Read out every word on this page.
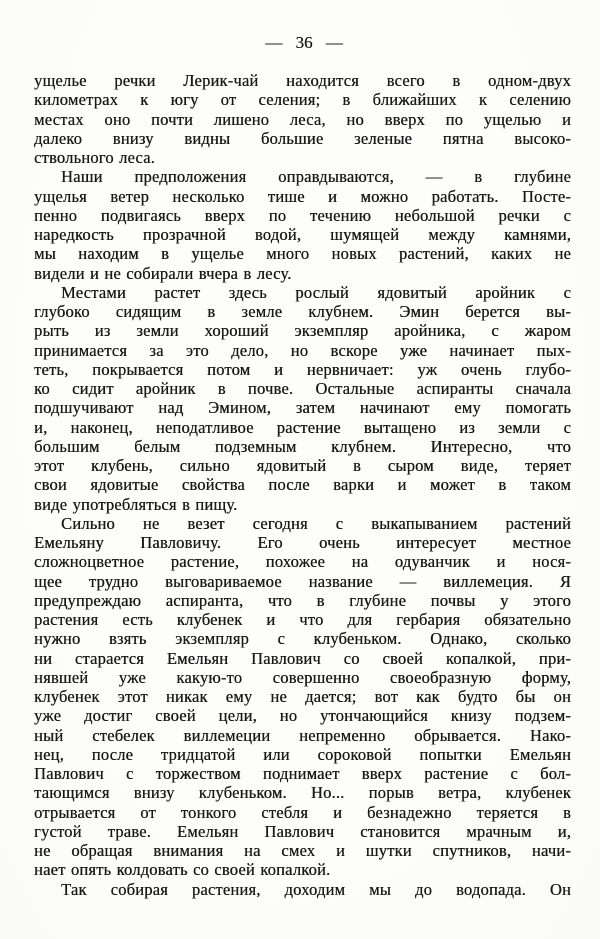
— 36 —
ущелье речки Лерик-чай находится всего в одном-двух
километрах к югу от селения; в ближайших к селению
местах оно почти лишено леса, но вверх по ущелью и
далеко внизу видны большие зеленые пятна высоко-
ствольного леса.
Наши предположения оправдываются, — в глубине
ущелья ветер несколько тише и можно работать. Посте-
пенно подвигаясь вверх по течению небольшой речки с
наредкость прозрачной водой, шумящей между камнями,
мы находим в ущелье много новых растений, каких не
видели и не собирали вчера в лесу.
Местами растет здесь рослый ядовитый аройник с
глубоко сидящим в земле клубнем. Эмин берется вы-
рыть из земли хороший экземпляр аройника, с жаром
принимается за это дело, но вскоре уже начинает пых-
теть, покрывается потом и нервничает: уж очень глубо-
ко сидит аройник в почве. Остальные аспиранты сначала
подшучивают над Эмином, затем начинают ему помогать
и, наконец, неподатливое растение вытащено из земли с
большим белым подземным клубнем. Интересно, что
этот клубень, сильно ядовитый в сыром виде, теряет
свои ядовитые свойства после варки и может в таком
виде употребляться в пищу.
Сильно не везет сегодня с выкапыванием растений
Емельяну Павловичу. Его очень интересует местное
сложноцветное растение, похожее на одуванчик и нося-
щее трудно выговариваемое название — виллемеция. Я
предупреждаю аспиранта, что в глубине почвы у этого
растения есть клубенек и что для гербария обязательно
нужно взять экземпляр с клубеньком. Однако, сколько
ни старается Емельян Павлович со своей копалкой, при-
нявшей уже какую-то совершенно своеобразную форму,
клубенек этот никак ему не дается; вот как будто бы он
уже достиг своей цели, но утончающийся книзу подзем-
ный стебелек виллемеции непременно обрывается. Нако-
нец, после тридцатой или сороковой попытки Емельян
Павлович с торжеством поднимает вверх растение с бол-
тающимся внизу клубеньком. Но... порыв ветра, клубенек
отрывается от тонкого стебля и безнадежно теряется в
густой траве. Емельян Павлович становится мрачным и,
не обращая внимания на смех и шутки спутников, начи-
нает опять колдовать со своей копалкой.
Так собирая растения, доходим мы до водопада. Он
